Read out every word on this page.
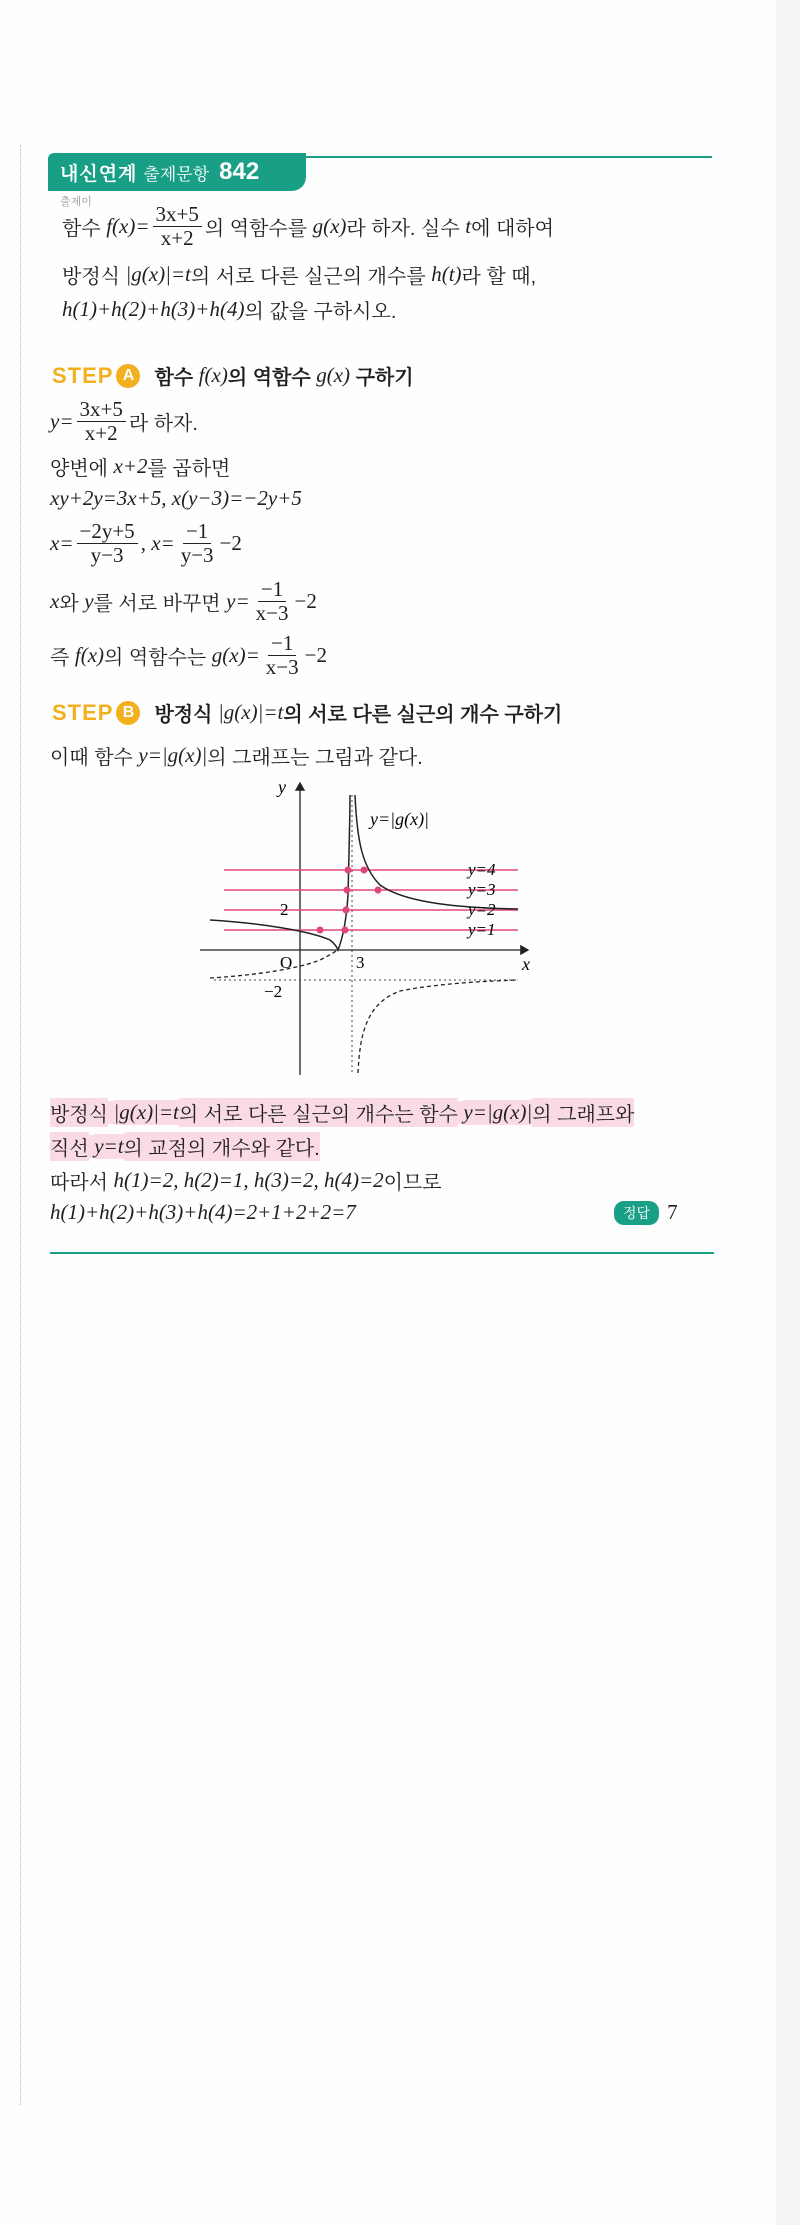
내신연계 출제문항 842
출제이
함수
$f(x)= \frac{3x+5}{x+2}$ 의 역함수를
g(x) 라 하자. 실수
t 에 대하여
방정식
|g(x)|=t 의 서로 다른 실근의 개수를
h(t) 라 할 때,
h(1)+h(2)+h(3)+h(4) 의 값을 구하시오.
STEP A	함수
f(x) 의 역함수
g(x)
구하기
$y= \frac{3x+5}{x+2}$ 라 하자.
양변에
x+2 를 곱하면
xy+2y=3x+5, x(y−3)=−2y+5
$x= \frac{-2y+5}{y-3}$ , $x= \frac{-1}{y-3} -2$
x 와
y 를 서로 바꾸면
$y= \frac{-1}{x-3} -2$
즉
f(x) 의 역함수는
$g(x)= \frac{-1}{x-3} -2$
STEP B	방정식
|g(x)|=t 의 서로 다른 실근의 개수 구하기
이때 함수
y=|g(x)| 의 그래프는 그림과 같다.
y
x
O	3
2
−2
y=|g(x)|
y=4
y=3
y=2
y=1
방정식
|g(x)|=t 의 서로 다른 실근의 개수는 함수
y=|g(x)| 의 그래프와
직선
y=t 의 교점의 개수와 같다.
따라서
h(1)=2, h(2)=1, h(3)=2, h(4)=2 이므로
h(1)+h(2)+h(3)+h(4)=2+1+2+2=7	정답 7
